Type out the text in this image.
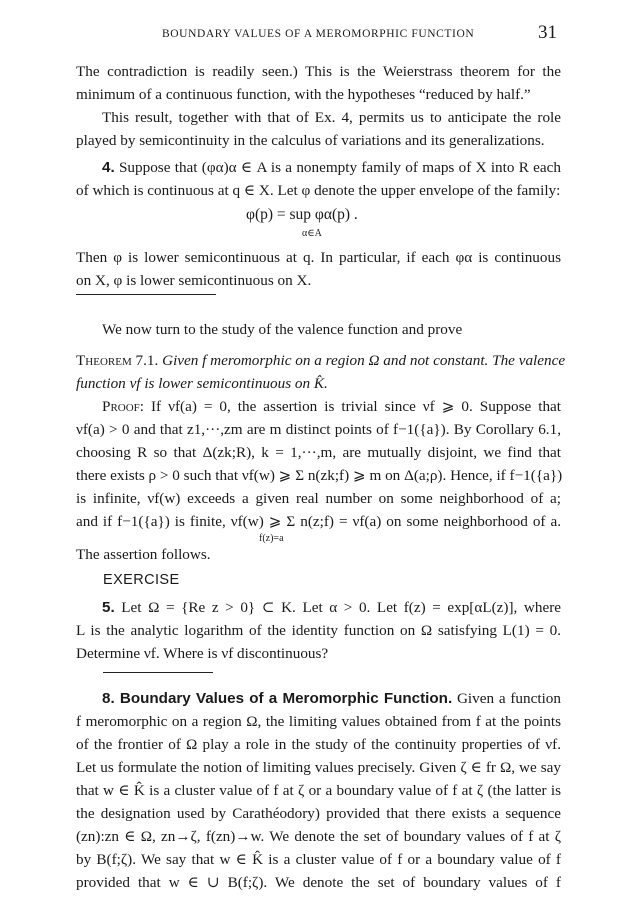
BOUNDARY VALUES OF A MEROMORPHIC FUNCTION	31
The contradiction is readily seen.) This is the Weierstrass theorem for the
minimum of a continuous function, with the hypotheses “reduced by half.”
This result, together with that of Ex. 4, permits us to anticipate the role
played by semicontinuity in the calculus of variations and its generalizations.
4. Suppose that (φα)α ∈ A is a nonempty family of maps of X into R each
of which is continuous at q ∈ X. Let φ denote the upper envelope of the family:
φ(p) = sup φα(p) .
α∈A
Then φ is lower semicontinuous at q. In particular, if each φα is continuous
on X, φ is lower semicontinuous on X.
We now turn to the study of the valence function and prove
Theorem 7.1. Given f meromorphic on a region Ω and not constant. The valence
function νf is lower semicontinuous on K̂.
Proof: If νf(a) = 0, the assertion is trivial since νf ⩾ 0. Suppose that
νf(a) > 0 and that z1,···,zm are m distinct points of f−1({a}). By Corollary 6.1,
choosing R so that Δ(zk;R), k = 1,···,m, are mutually disjoint, we find that
there exists ρ > 0 such that νf(w) ⩾ Σ n(zk;f) ⩾ m on Δ(a;ρ). Hence, if f−1({a})
is infinite, νf(w) exceeds a given real number on some neighborhood of a;
and if f−1({a}) is finite, νf(w) ⩾ Σ n(z;f) = νf(a) on some neighborhood of a.
f(z)=a
The assertion follows.
EXERCISE
5. Let Ω = {Re z > 0} ⊂ K. Let α > 0. Let f(z) = exp[αL(z)], where
L is the analytic logarithm of the identity function on Ω satisfying L(1) = 0.
Determine νf. Where is νf discontinuous?
8. Boundary Values of a Meromorphic Function. Given a function
f meromorphic on a region Ω, the limiting values obtained from f at the points
of the frontier of Ω play a role in the study of the continuity properties of νf.
Let us formulate the notion of limiting values precisely. Given ζ ∈ fr Ω, we say
that w ∈ K̂ is a cluster value of f at ζ or a boundary value of f at ζ (the latter is
the designation used by Carathéodory) provided that there exists a sequence
(zn):zn ∈ Ω, zn→ζ, f(zn)→w. We denote the set of boundary values of f at ζ
by B(f;ζ). We say that w ∈ K̂ is a cluster value of f or a boundary value of f
provided that w ∈ ∪ B(f;ζ). We denote the set of boundary values of f
